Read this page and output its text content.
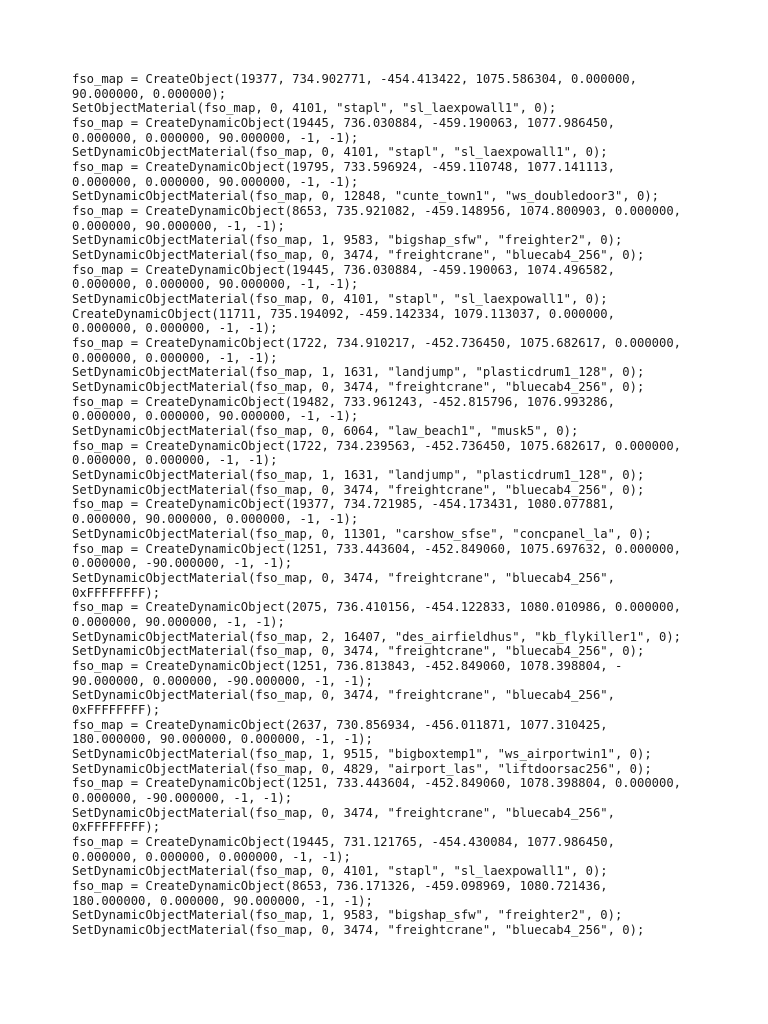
fso_map = CreateObject(19377, 734.902771, -454.413422, 1075.586304, 0.000000,
90.000000, 0.000000);
SetObjectMaterial(fso_map, 0, 4101, "stapl", "sl_laexpowall1", 0);
fso_map = CreateDynamicObject(19445, 736.030884, -459.190063, 1077.986450,
0.000000, 0.000000, 90.000000, -1, -1);
SetDynamicObjectMaterial(fso_map, 0, 4101, "stapl", "sl_laexpowall1", 0);
fso_map = CreateDynamicObject(19795, 733.596924, -459.110748, 1077.141113,
0.000000, 0.000000, 90.000000, -1, -1);
SetDynamicObjectMaterial(fso_map, 0, 12848, "cunte_town1", "ws_doubledoor3", 0);
fso_map = CreateDynamicObject(8653, 735.921082, -459.148956, 1074.800903, 0.000000,
0.000000, 90.000000, -1, -1);
SetDynamicObjectMaterial(fso_map, 1, 9583, "bigshap_sfw", "freighter2", 0);
SetDynamicObjectMaterial(fso_map, 0, 3474, "freightcrane", "bluecab4_256", 0);
fso_map = CreateDynamicObject(19445, 736.030884, -459.190063, 1074.496582,
0.000000, 0.000000, 90.000000, -1, -1);
SetDynamicObjectMaterial(fso_map, 0, 4101, "stapl", "sl_laexpowall1", 0);
CreateDynamicObject(11711, 735.194092, -459.142334, 1079.113037, 0.000000,
0.000000, 0.000000, -1, -1);
fso_map = CreateDynamicObject(1722, 734.910217, -452.736450, 1075.682617, 0.000000,
0.000000, 0.000000, -1, -1);
SetDynamicObjectMaterial(fso_map, 1, 1631, "landjump", "plasticdrum1_128", 0);
SetDynamicObjectMaterial(fso_map, 0, 3474, "freightcrane", "bluecab4_256", 0);
fso_map = CreateDynamicObject(19482, 733.961243, -452.815796, 1076.993286,
0.000000, 0.000000, 90.000000, -1, -1);
SetDynamicObjectMaterial(fso_map, 0, 6064, "law_beach1", "musk5", 0);
fso_map = CreateDynamicObject(1722, 734.239563, -452.736450, 1075.682617, 0.000000,
0.000000, 0.000000, -1, -1);
SetDynamicObjectMaterial(fso_map, 1, 1631, "landjump", "plasticdrum1_128", 0);
SetDynamicObjectMaterial(fso_map, 0, 3474, "freightcrane", "bluecab4_256", 0);
fso_map = CreateDynamicObject(19377, 734.721985, -454.173431, 1080.077881,
0.000000, 90.000000, 0.000000, -1, -1);
SetDynamicObjectMaterial(fso_map, 0, 11301, "carshow_sfse", "concpanel_la", 0);
fso_map = CreateDynamicObject(1251, 733.443604, -452.849060, 1075.697632, 0.000000,
0.000000, -90.000000, -1, -1);
SetDynamicObjectMaterial(fso_map, 0, 3474, "freightcrane", "bluecab4_256",
0xFFFFFFFF);
fso_map = CreateDynamicObject(2075, 736.410156, -454.122833, 1080.010986, 0.000000,
0.000000, 90.000000, -1, -1);
SetDynamicObjectMaterial(fso_map, 2, 16407, "des_airfieldhus", "kb_flykiller1", 0);
SetDynamicObjectMaterial(fso_map, 0, 3474, "freightcrane", "bluecab4_256", 0);
fso_map = CreateDynamicObject(1251, 736.813843, -452.849060, 1078.398804, -
90.000000, 0.000000, -90.000000, -1, -1);
SetDynamicObjectMaterial(fso_map, 0, 3474, "freightcrane", "bluecab4_256",
0xFFFFFFFF);
fso_map = CreateDynamicObject(2637, 730.856934, -456.011871, 1077.310425,
180.000000, 90.000000, 0.000000, -1, -1);
SetDynamicObjectMaterial(fso_map, 1, 9515, "bigboxtemp1", "ws_airportwin1", 0);
SetDynamicObjectMaterial(fso_map, 0, 4829, "airport_las", "liftdoorsac256", 0);
fso_map = CreateDynamicObject(1251, 733.443604, -452.849060, 1078.398804, 0.000000,
0.000000, -90.000000, -1, -1);
SetDynamicObjectMaterial(fso_map, 0, 3474, "freightcrane", "bluecab4_256",
0xFFFFFFFF);
fso_map = CreateDynamicObject(19445, 731.121765, -454.430084, 1077.986450,
0.000000, 0.000000, 0.000000, -1, -1);
SetDynamicObjectMaterial(fso_map, 0, 4101, "stapl", "sl_laexpowall1", 0);
fso_map = CreateDynamicObject(8653, 736.171326, -459.098969, 1080.721436,
180.000000, 0.000000, 90.000000, -1, -1);
SetDynamicObjectMaterial(fso_map, 1, 9583, "bigshap_sfw", "freighter2", 0);
SetDynamicObjectMaterial(fso_map, 0, 3474, "freightcrane", "bluecab4_256", 0);
